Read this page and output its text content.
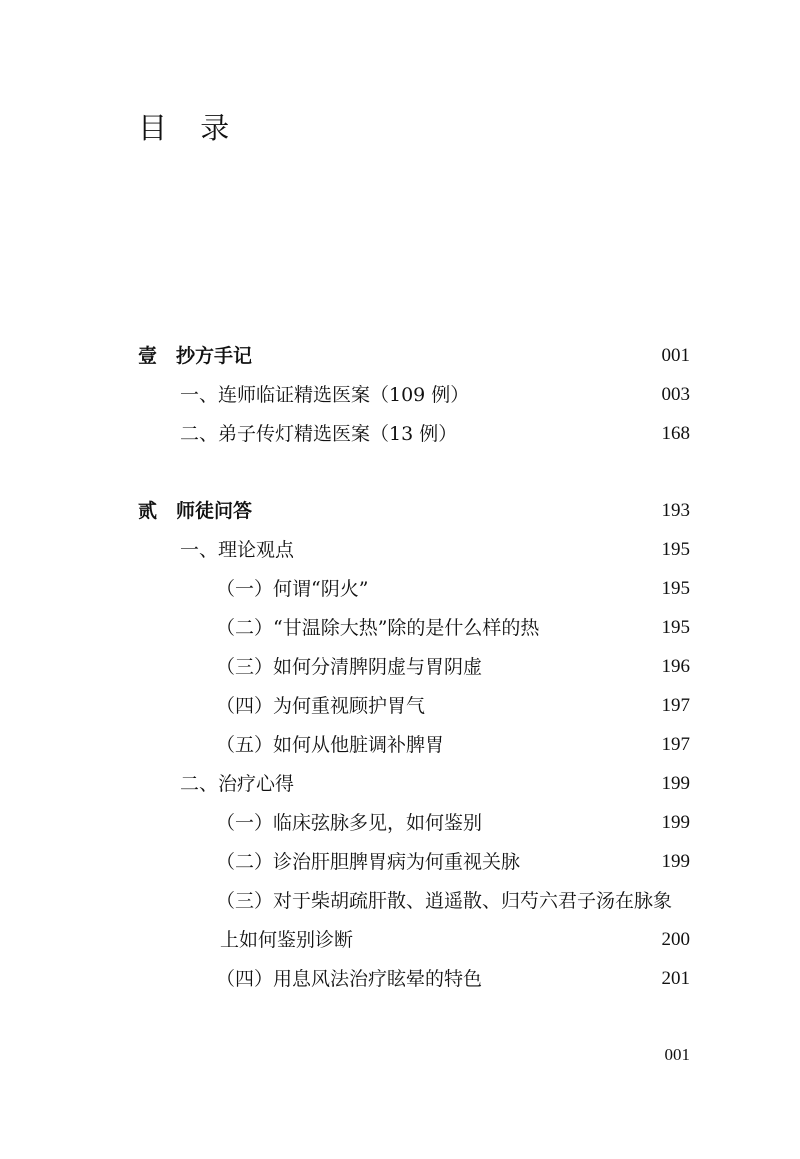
目 录
壹 抄方手记	001
一、连师临证精选医案（109 例）	003
二、弟子传灯精选医案（13 例）	168
贰 师徒问答	193
一、理论观点	195
（一）何谓“阴火”	195
（二）“甘温除大热”除的是什么样的热	195
（三）如何分清脾阴虚与胃阴虚	196
（四）为何重视顾护胃气	197
（五）如何从他脏调补脾胃	197
二、治疗心得	199
（一）临床弦脉多见，如何鉴别	199
（二）诊治肝胆脾胃病为何重视关脉	199
（三）对于柴胡疏肝散、逍遥散、归芍六君子汤在脉象
上如何鉴别诊断	200
（四）用息风法治疗眩晕的特色	201
001
